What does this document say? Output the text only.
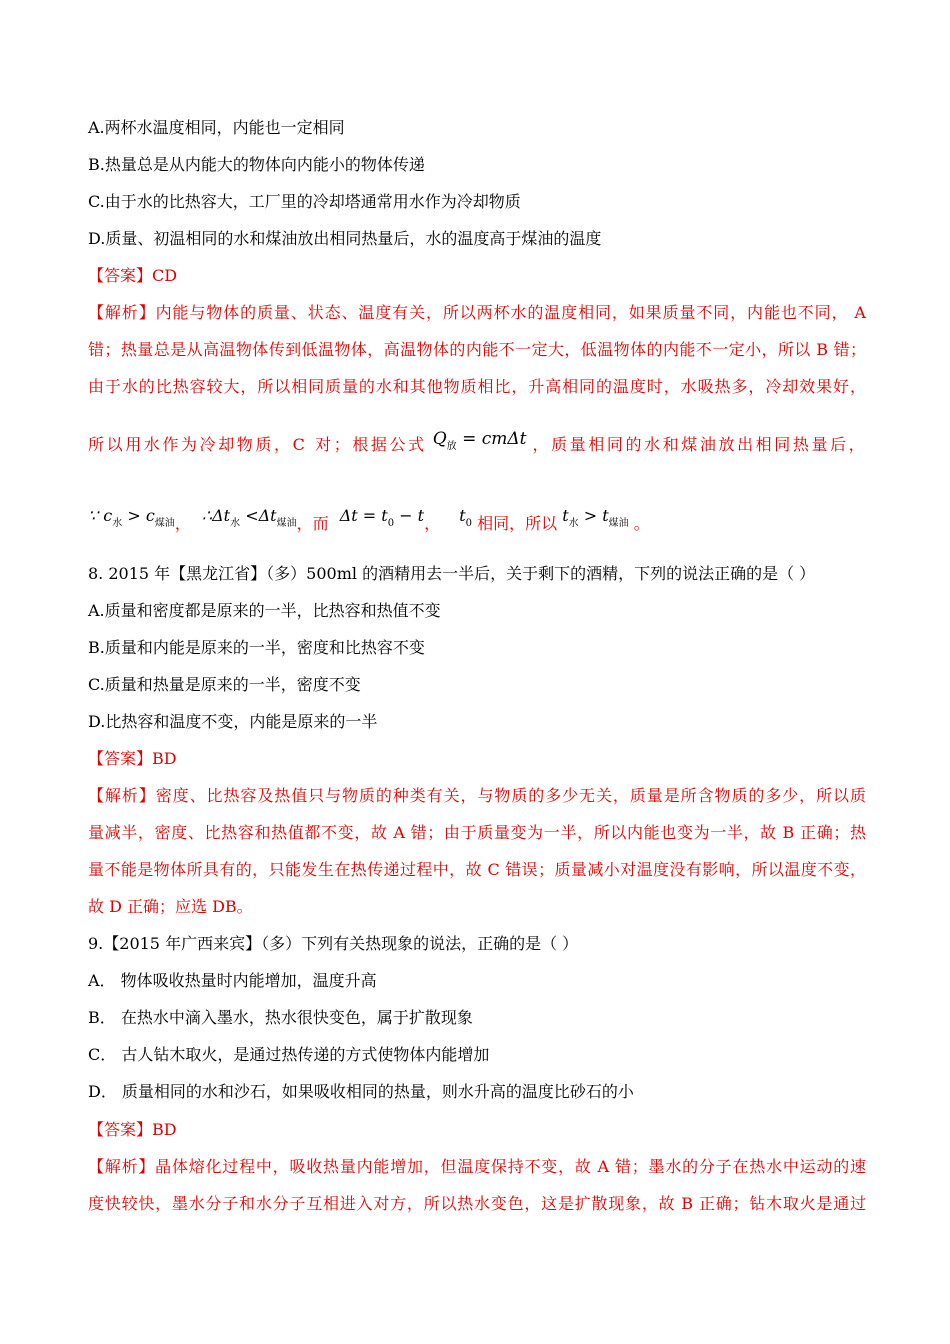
A.两杯水温度相同，内能也一定相同
B.热量总是从内能大的物体向内能小的物体传递
C.由于水的比热容大，工厂里的冷却塔通常用水作为冷却物质
D.质量、初温相同的水和煤油放出相同热量后，水的温度高于煤油的温度
【答案】CD
【解析】内能与物体的质量、状态、温度有关，所以两杯水的温度相同，如果质量不同，内能也不同， A
错；热量总是从高温物体传到低温物体，高温物体的内能不一定大，低温物体的内能不一定小，所以 B 错；
由于水的比热容较大，所以相同质量的水和其他物质相比，升高相同的温度时，水吸热多，冷却效果好，
所以用水作为冷却物质，C 对；根据公式 $Q_放 = cm\Delta t$ ，质量相同的水和煤油放出相同热量后，
∵ $c_水 > c_{煤油}$， $\therefore\Delta t_水 <\Delta t_{煤油}$，而 $\Delta t = t_0 - t$， $t_0$ 相同，所以 $t_水 > t_{煤油}$ 。
8. 2015 年【黑龙江省】（多）500ml 的酒精用去一半后，关于剩下的酒精，下列的说法正确的是（ ）
A.质量和密度都是原来的一半，比热容和热值不变
B.质量和内能是原来的一半，密度和比热容不变
C.质量和热量是原来的一半，密度不变
D.比热容和温度不变，内能是原来的一半
【答案】BD
【解析】密度、比热容及热值只与物质的种类有关，与物质的多少无关，质量是所含物质的多少，所以质
量减半，密度、比热容和热值都不变，故 A 错；由于质量变为一半，所以内能也变为一半，故 B 正确；热
量不能是物体所具有的，只能发生在热传递过程中，故 C 错误；质量减小对温度没有影响，所以温度不变，
故 D 正确；应选 DB。
9.【2015 年广西来宾】（多）下列有关热现象的说法，正确的是（ ）
A． 物体吸收热量时内能增加，温度升高
B． 在热水中滴入墨水，热水很快变色，属于扩散现象
C． 古人钻木取火，是通过热传递的方式使物体内能增加
D． 质量相同的水和沙石，如果吸收相同的热量，则水升高的温度比砂石的小
【答案】BD
【解析】晶体熔化过程中，吸收热量内能增加，但温度保持不变，故 A 错；墨水的分子在热水中运动的速
度快较快，墨水分子和水分子互相进入对方，所以热水变色，这是扩散现象，故 B 正确；钻木取火是通过
